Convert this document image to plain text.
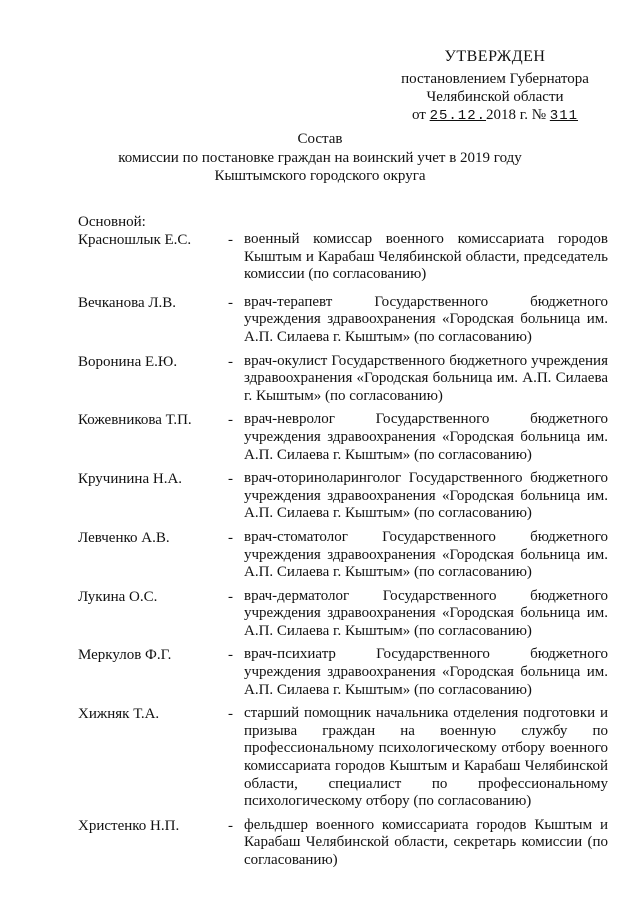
УТВЕРЖДЕН
постановлением Губернатора
Челябинской области
от 25.12.2018 г. № 311
Состав
комиссии по постановке граждан на воинский учет в 2019 году
Кыштымского городского округа
Основной:
Красношлык Е.С.	- военный комиссар военного комиссариата городов Кыштым и Карабаш Челябинской области, председатель комиссии (по согласованию)
Вечканова Л.В.	- врач-терапевт Государственного бюджетного учреждения здравоохранения «Городская больница им. А.П. Силаева г. Кыштым» (по согласованию)
Воронина Е.Ю.	- врач-окулист Государственного бюджетного учреждения здравоохранения «Городская больница им. А.П. Силаева г. Кыштым» (по согласованию)
Кожевникова Т.П.	- врач-невролог Государственного бюджетного учреждения здравоохранения «Городская больница им. А.П. Силаева г. Кыштым» (по согласованию)
Кручинина Н.А.	- врач-оториноларинголог Государственного бюджетного учреждения здравоохранения «Городская больница им. А.П. Силаева г. Кыштым» (по согласованию)
Левченко А.В.	- врач-стоматолог Государственного бюджетного учреждения здравоохранения «Городская больница им. А.П. Силаева г. Кыштым» (по согласованию)
Лукина О.С.	- врач-дерматолог Государственного бюджетного учреждения здравоохранения «Городская больница им. А.П. Силаева г. Кыштым» (по согласованию)
Меркулов Ф.Г.	- врач-психиатр Государственного бюджетного учреждения здравоохранения «Городская больница им. А.П. Силаева г. Кыштым» (по согласованию)
Хижняк Т.А.	- старший помощник начальника отделения подготовки и призыва граждан на военную службу по профессиональному психологическому отбору военного комиссариата городов Кыштым и Карабаш Челябинской области, специалист по профессиональному психологическому отбору (по согласованию)
Христенко Н.П.	- фельдшер военного комиссариата городов Кыштым и Карабаш Челябинской области, секретарь комиссии (по согласованию)
